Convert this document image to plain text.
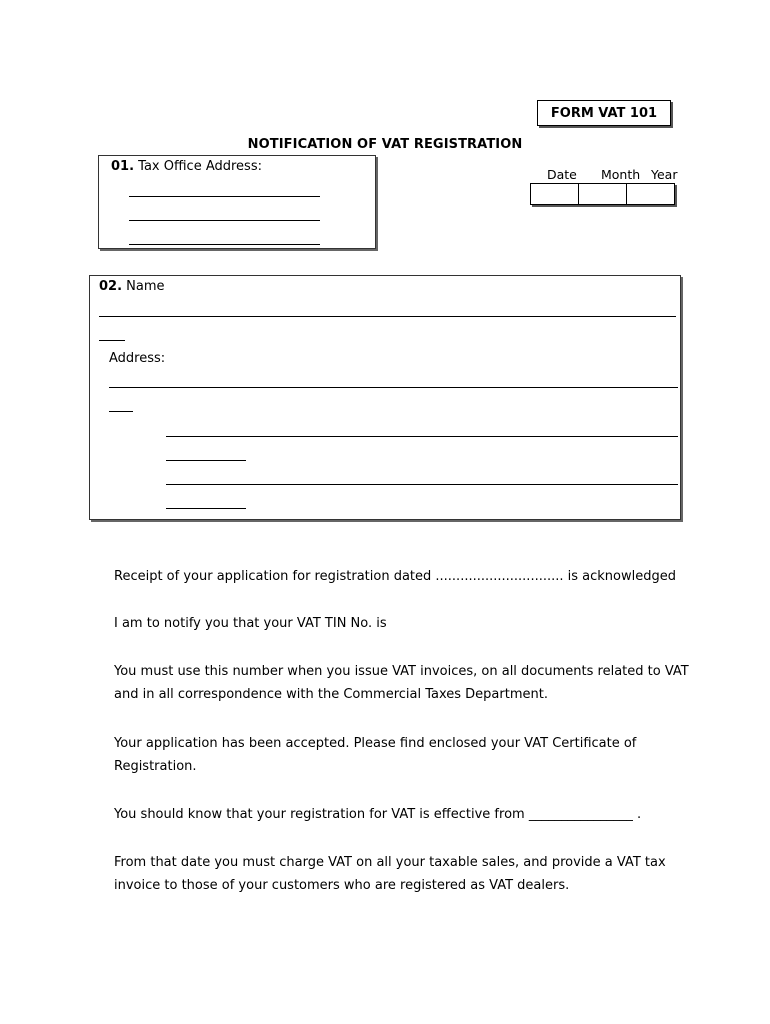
FORM VAT 101
NOTIFICATION OF VAT REGISTRATION
01. Tax Office Address:
Date Month Year
02. Name
Address:
Receipt of your application for registration dated ............................... is acknowledged
I am to notify you that your VAT TIN No. is
You must use this number when you issue VAT invoices, on all documents related to VAT
and in all correspondence with the Commercial Taxes Department.
Your application has been accepted. Please find enclosed your VAT Certificate of
Registration.
You should know that your registration for VAT is effective from ________________ .
From that date you must charge VAT on all your taxable sales, and provide a VAT tax
invoice to those of your customers who are registered as VAT dealers.
